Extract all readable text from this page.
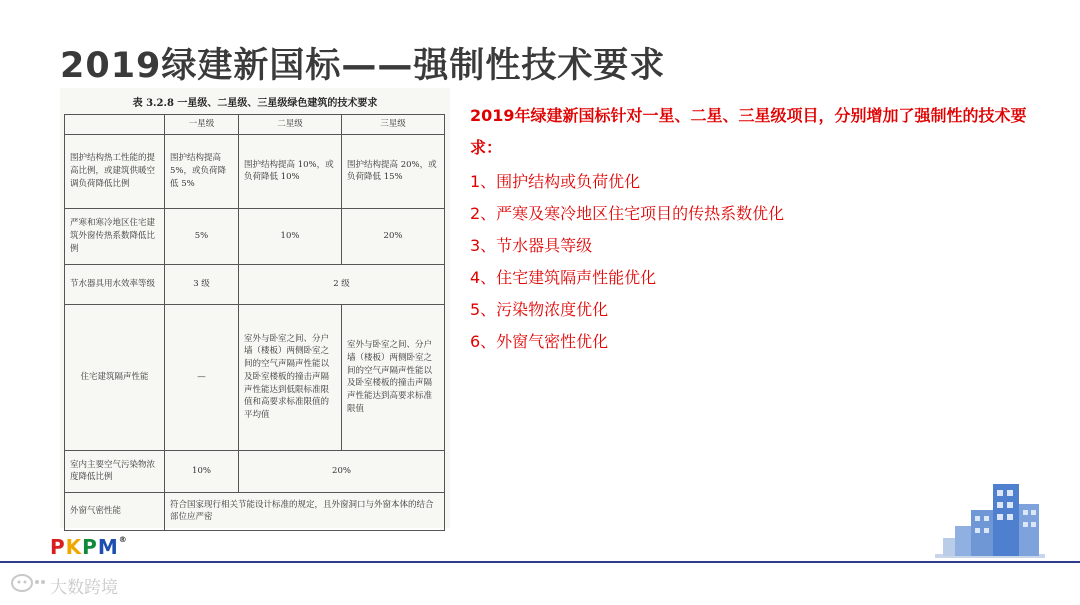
2019绿建新国标——强制性技术要求
表 3.2.8 一星级、二星级、三星级绿色建筑的技术要求
	一星级	二星级	三星级
围护结构热工性能的提高比例，或建筑供暖空调负荷降低比例	围护结构提高 5%，或负荷降低 5%	围护结构提高 10%，或负荷降低 10%	围护结构提高 20%，或负荷降低 15%
严寒和寒冷地区住宅建筑外窗传热系数降低比例	5%	10%	20%
节水器具用水效率等级	3 级	2 级	
住宅建筑隔声性能	—	室外与卧室之间、分户墙（楼板）两侧卧室之间的空气声隔声性能以及卧室楼板的撞击声隔声性能达到低限标准限值和高要求标准限值的平均值	室外与卧室之间、分户墙（楼板）两侧卧室之间的空气声隔声性能以及卧室楼板的撞击声隔声性能达到高要求标准限值
室内主要空气污染物浓度降低比例	10%	20%	
外窗气密性能	符合国家现行相关节能设计标准的规定，且外窗洞口与外窗本体的结合部位应严密		
2019年绿建新国标针对一星、二星、三星级项目，分别增加了强制性的技术要求：
1、围护结构或负荷优化
2、严寒及寒冷地区住宅项目的传热系数优化
3、节水器具等级
4、住宅建筑隔声性能优化
5、污染物浓度优化
6、外窗气密性优化
PKPM®
大数跨境
